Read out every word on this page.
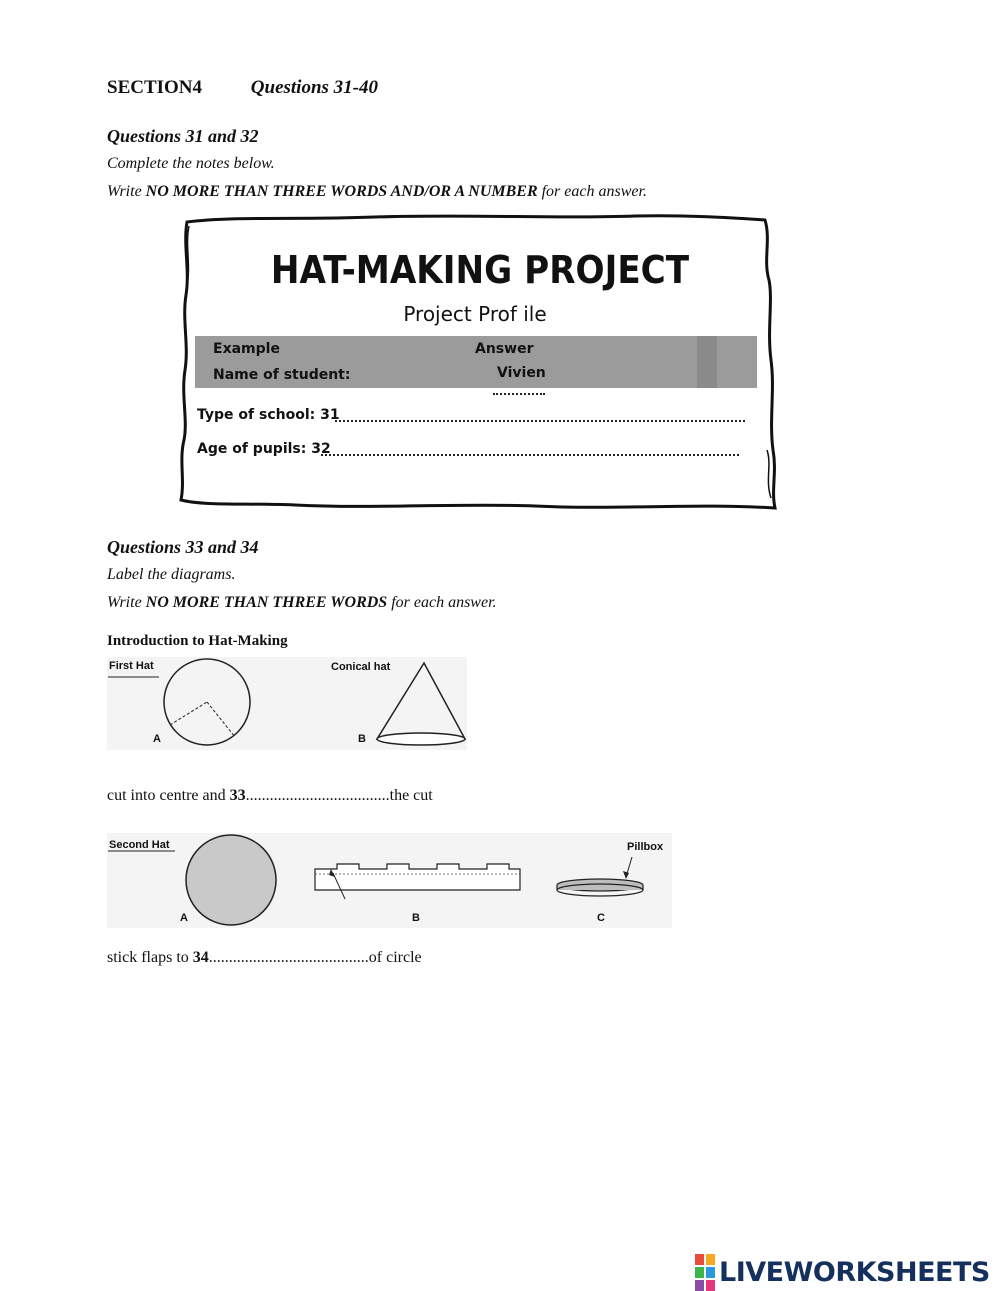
SECTION4	Questions 31-40
Questions 31 and 32
Complete the notes below.
Write NO MORE THAN THREE WORDS AND/OR A NUMBER for each answer.
HAT-MAKING PROJECT
Project Prof ile
Example	Answer
Name of student:	Vivien
Type of school: 31
Age of pupils: 32
Questions 33 and 34
Label the diagrams.
Write NO MORE THAN THREE WORDS for each answer.
Introduction to Hat-Making
First Hat	Conical hat
A	B
cut into centre and 33....................................the cut
Second Hat	Pillbox
A	B	C
stick flaps to 34........................................of circle
LIVEWORKSHEETS
